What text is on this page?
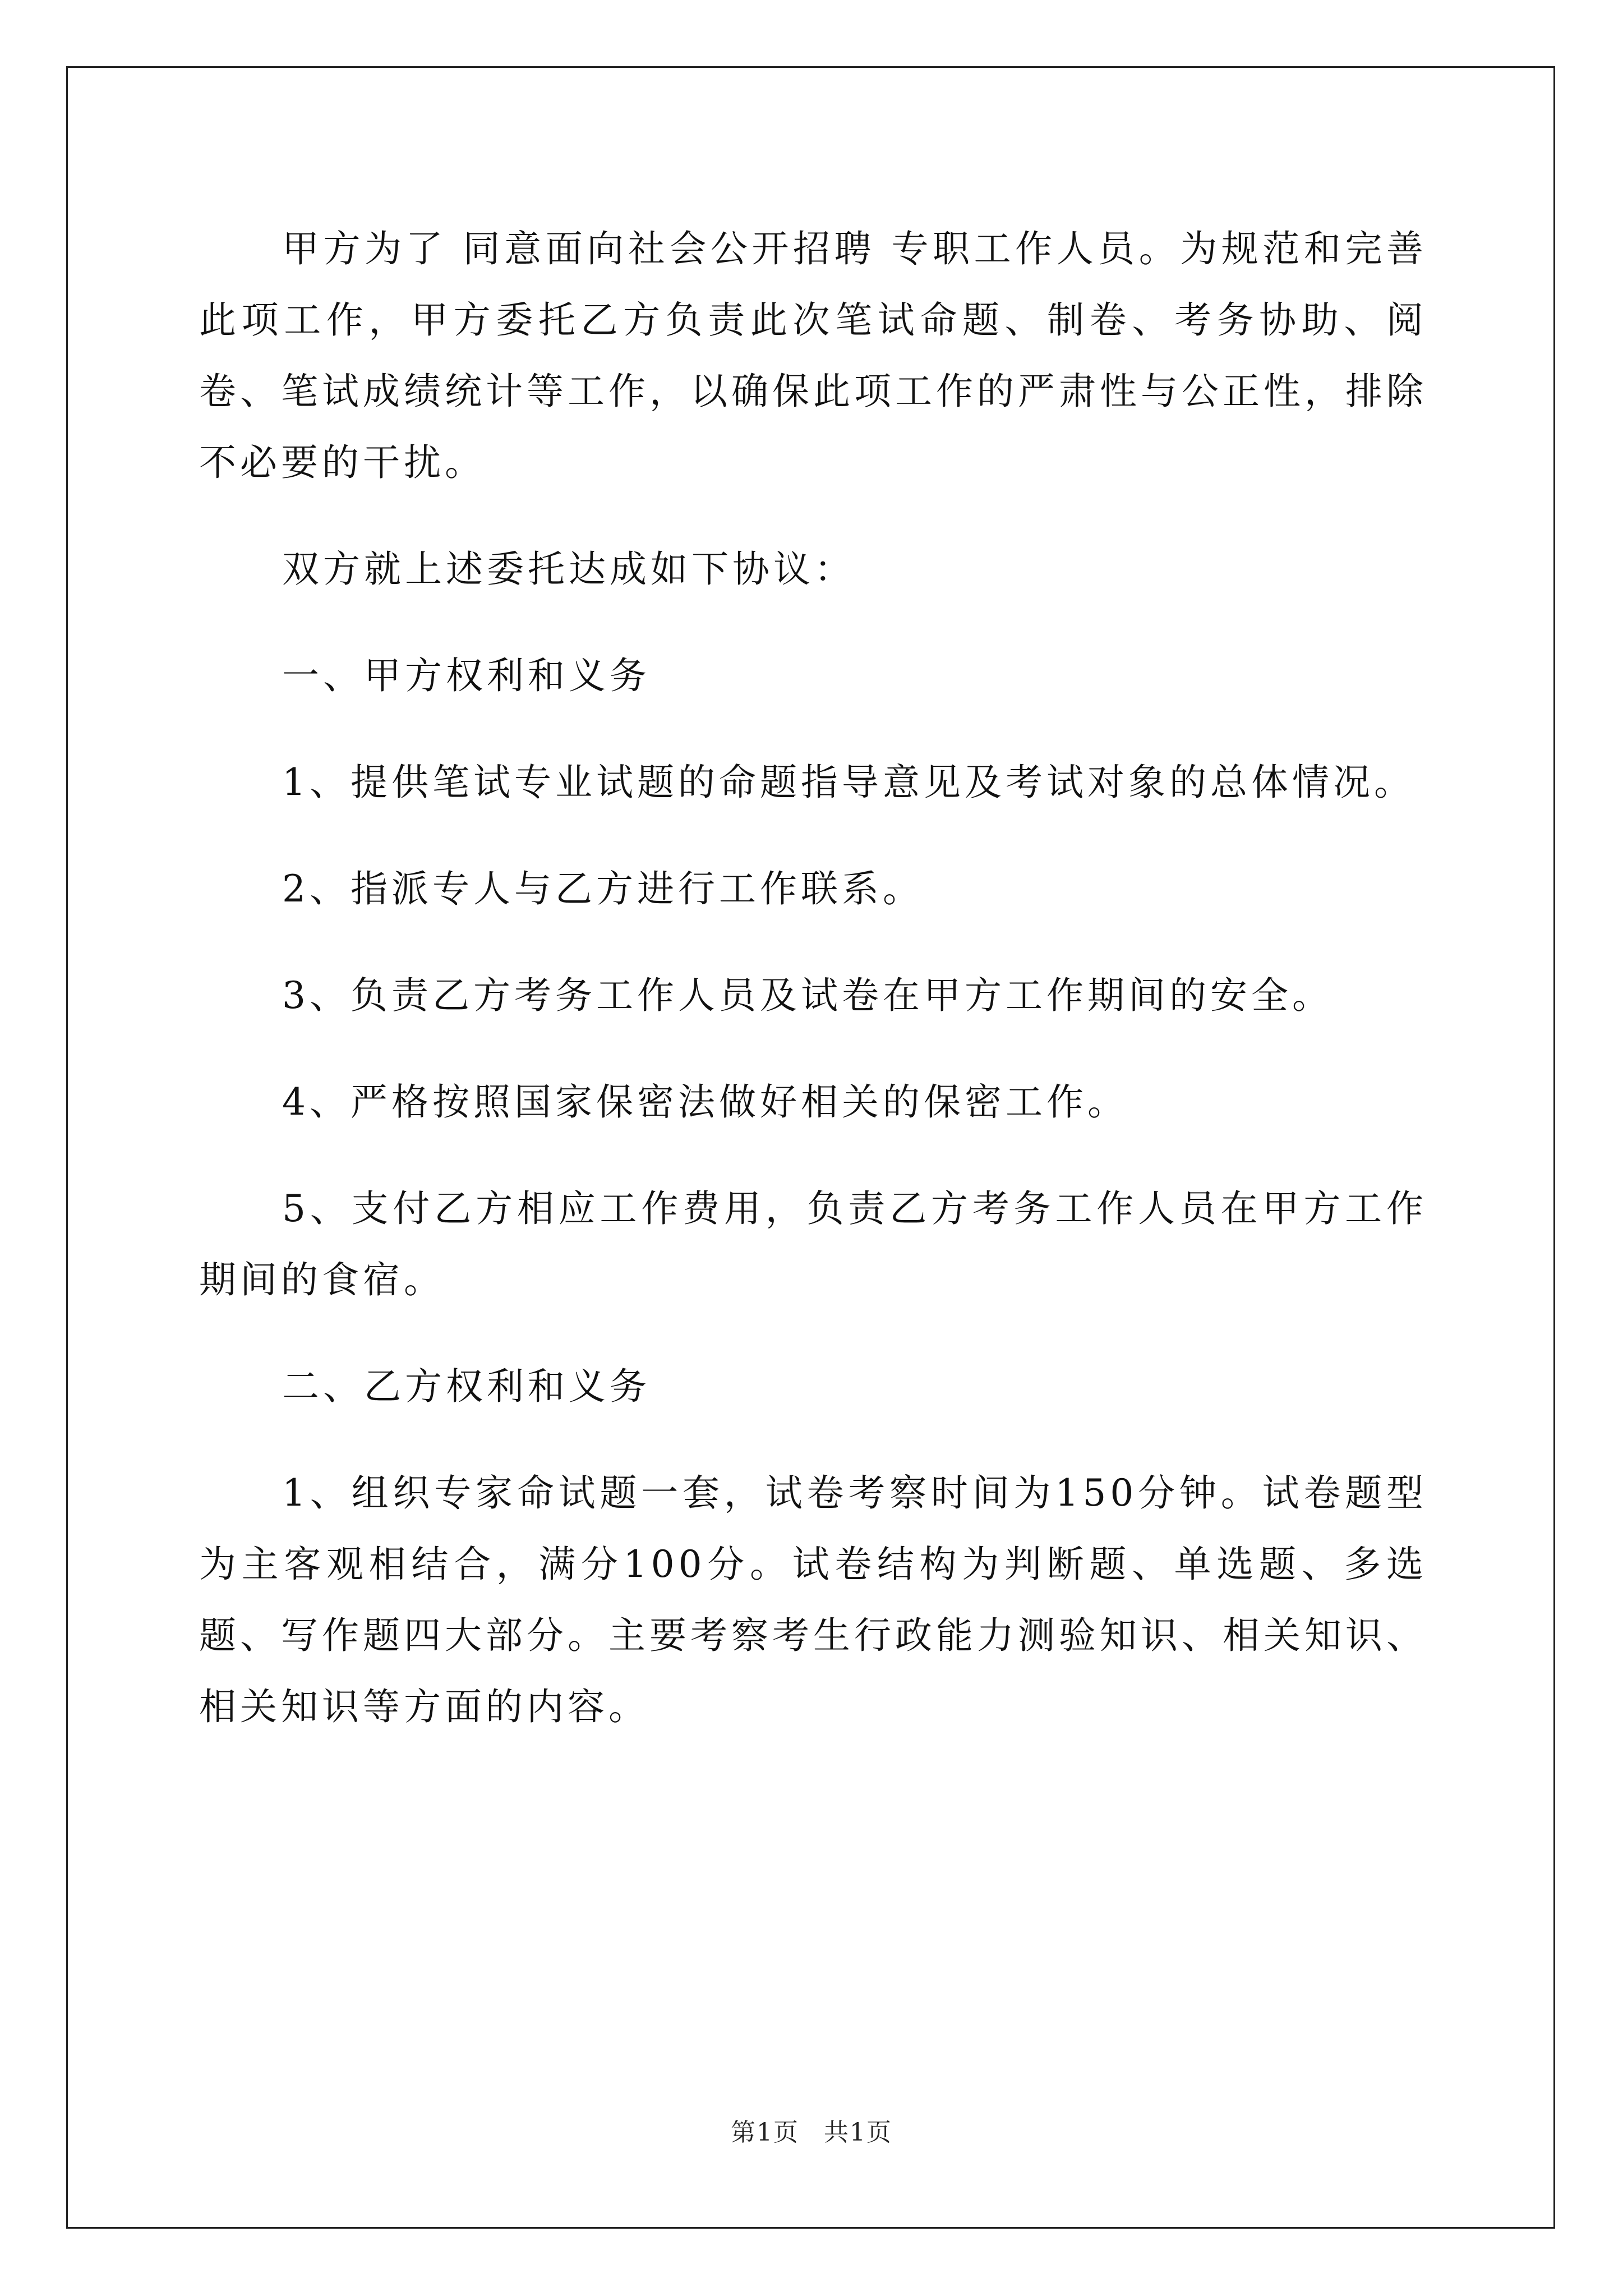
甲方为了 同意面向社会公开招聘 专职工作人员。为规范和完善此项工作，甲方委托乙方负责此次笔试命题、制卷、考务协助、阅卷、笔试成绩统计等工作，以确保此项工作的严肃性与公正性，排除不必要的干扰。

双方就上述委托达成如下协议：

一、甲方权利和义务

1、提供笔试专业试题的命题指导意见及考试对象的总体情况。

2、指派专人与乙方进行工作联系。

3、负责乙方考务工作人员及试卷在甲方工作期间的安全。

4、严格按照国家保密法做好相关的保密工作。

5、支付乙方相应工作费用，负责乙方考务工作人员在甲方工作期间的食宿。

二、乙方权利和义务

1、组织专家命试题一套，试卷考察时间为150分钟。试卷题型为主客观相结合，满分100分。试卷结构为判断题、单选题、多选题、写作题四大部分。主要考察考生行政能力测验知识、相关知识、相关知识等方面的内容。

第1页 共1页
